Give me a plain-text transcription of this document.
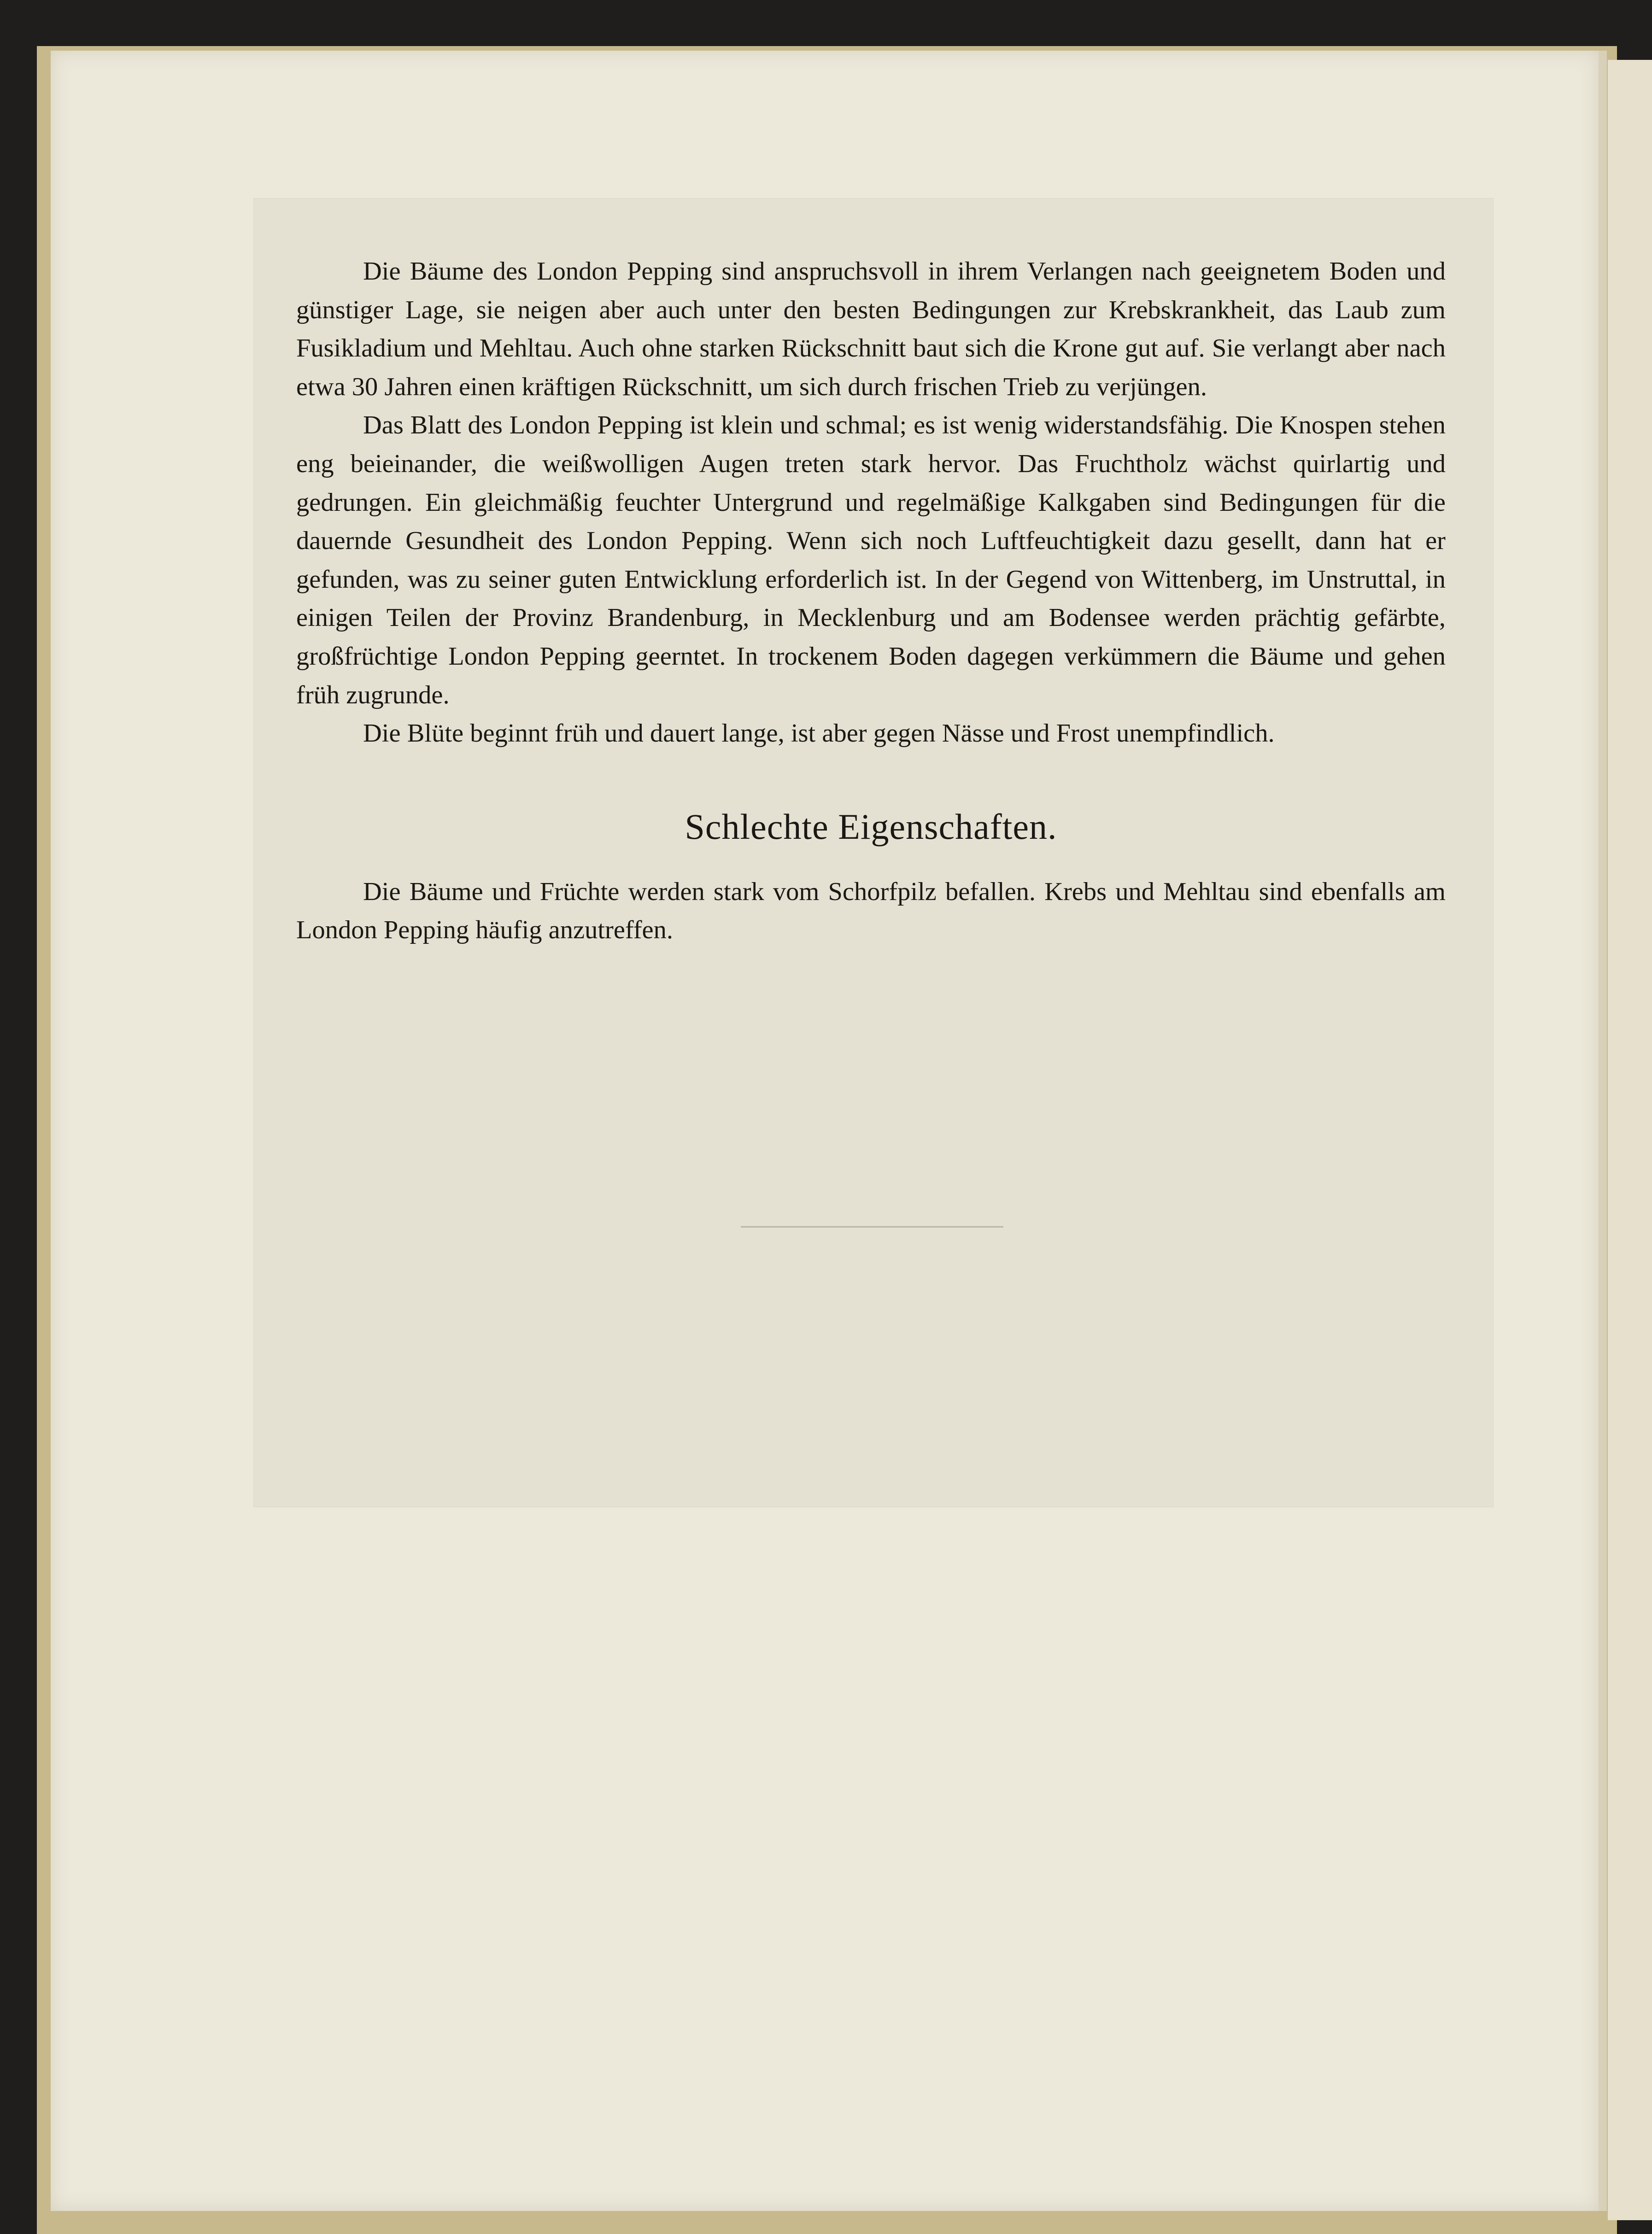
Die Bäume des London Pepping sind anspruchsvoll in ihrem Verlangen nach geeignetem Boden und günstiger Lage, sie neigen aber auch unter den besten Bedingungen zur Krebskrankheit, das Laub zum Fusikladium und Mehltau. Auch ohne starken Rückschnitt baut sich die Krone gut auf. Sie verlangt aber nach etwa 30 Jahren einen kräftigen Rückschnitt, um sich durch frischen Trieb zu verjüngen.

Das Blatt des London Pepping ist klein und schmal; es ist wenig widerstandsfähig. Die Knospen stehen eng beieinander, die weißwolligen Augen treten stark hervor. Das Fruchtholz wächst quirlartig und gedrungen. Ein gleichmäßig feuchter Untergrund und regelmäßige Kalkgaben sind Bedingungen für die dauernde Gesundheit des London Pepping. Wenn sich noch Luftfeuchtigkeit dazu gesellt, dann hat er gefunden, was zu seiner guten Entwicklung erforderlich ist. In der Gegend von Wittenberg, im Unstruttal, in einigen Teilen der Provinz Brandenburg, in Mecklenburg und am Bodensee werden prächtig gefärbte, großfrüchtige London Pepping geerntet. In trockenem Boden dagegen verkümmern die Bäume und gehen früh zugrunde.

Die Blüte beginnt früh und dauert lange, ist aber gegen Nässe und Frost unempfindlich.

Schlechte Eigenschaften.

Die Bäume und Früchte werden stark vom Schorfpilz befallen. Krebs und Mehltau sind ebenfalls am London Pepping häufig anzutreffen.
